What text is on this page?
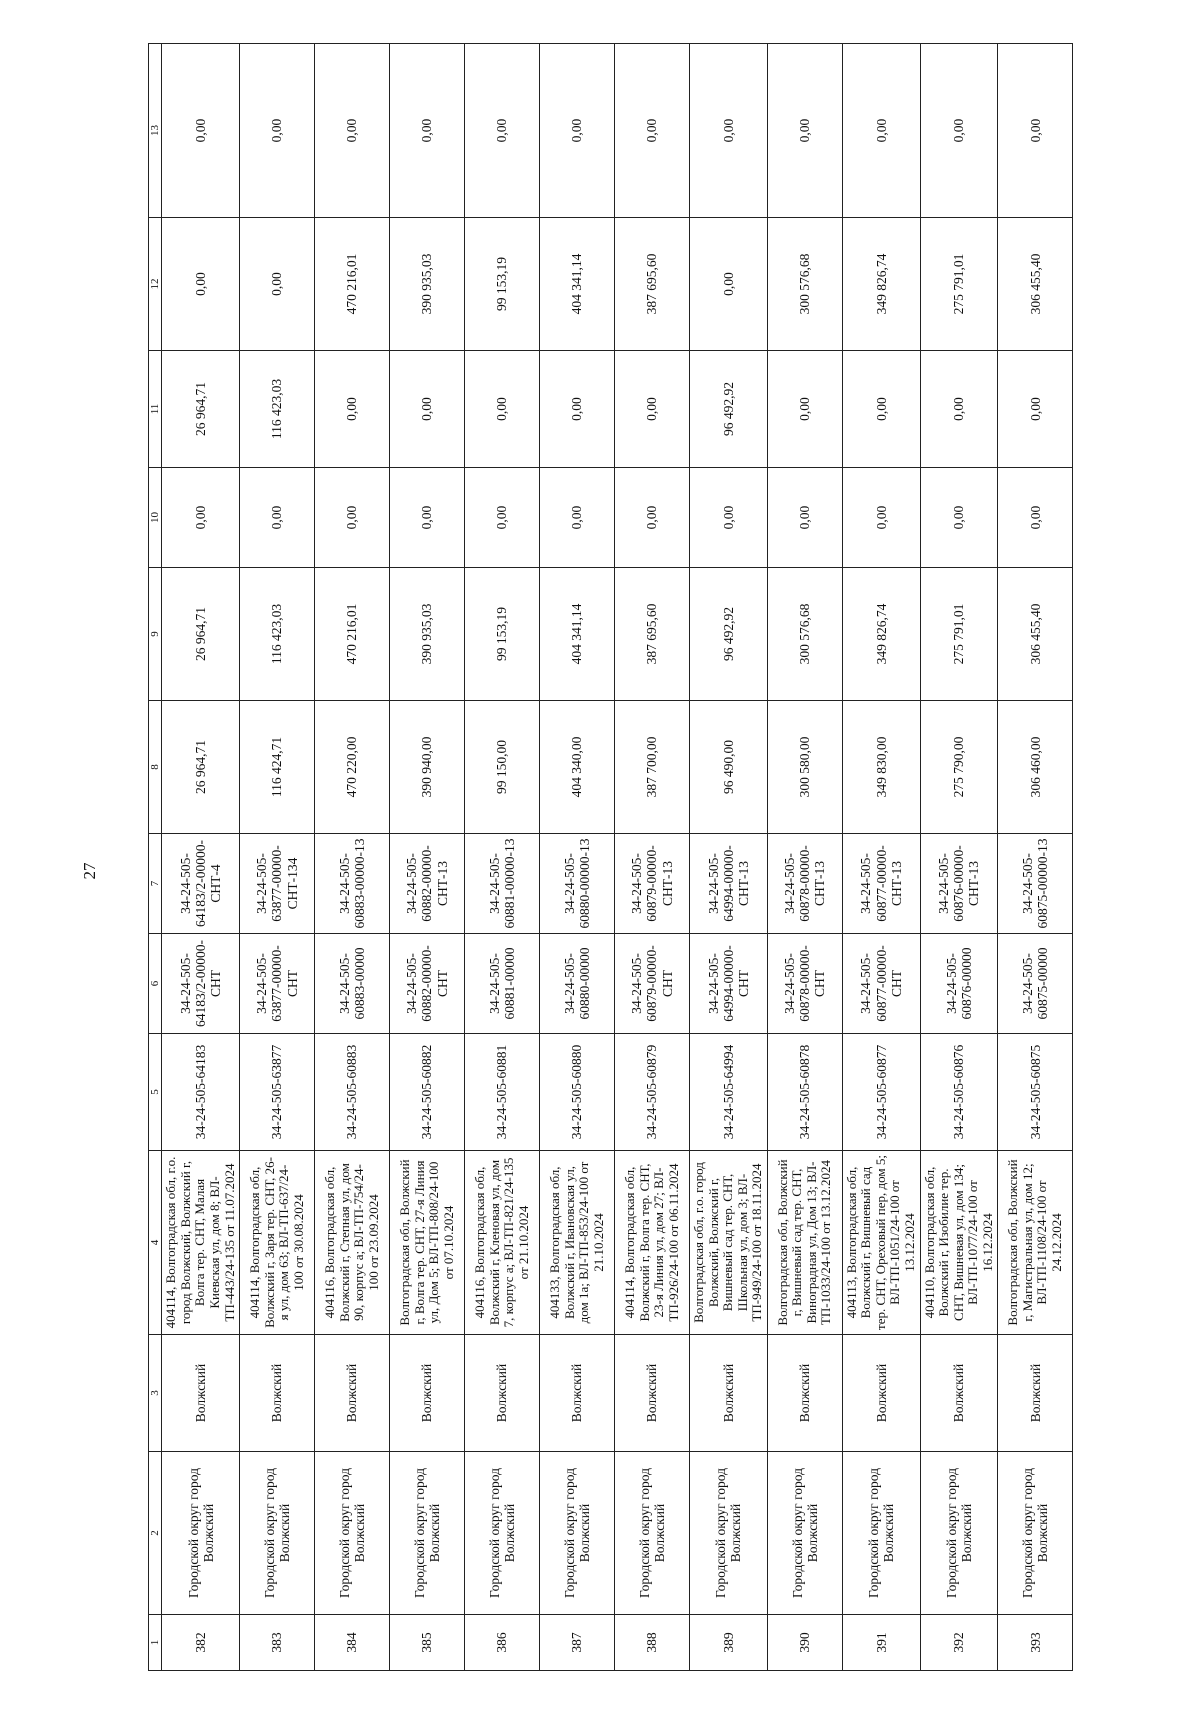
27
1	2	3	4	5	6	7	8	9	10	11	12	13
382	Городской округ город Волжский	Волжский	404114, Волгоградская обл, г.о. город Волжский, Волжский г, Волга тер. СНТ, Малая Киевская ул, дом 8; ВЛ-ТП-443/24-135 от 11.07.2024	34-24-505-64183	34-24-505-64183/2-00000-СНТ	34-24-505-64183/2-00000-СНТ-4	26 964,71	26 964,71	0,00	26 964,71	0,00	0,00
383	Городской округ город Волжский	Волжский	404114, Волгоградская обл, Волжский г, Заря тер. СНТ, 26-я ул, дом 63; ВЛ-ТП-637/24-100 от 30.08.2024	34-24-505-63877	34-24-505-63877-00000-СНТ	34-24-505-63877-00000-СНТ-134	116 424,71	116 423,03	0,00	116 423,03	0,00	0,00
384	Городской округ город Волжский	Волжский	404116, Волгоградская обл, Волжский г, Степная ул, дом 90, корпус а; ВЛ-ТП-754/24-100 от 23.09.2024	34-24-505-60883	34-24-505-60883-00000	34-24-505-60883-00000-13	470 220,00	470 216,01	0,00	0,00	470 216,01	0,00
385	Городской округ город Волжский	Волжский	Волгоградская обл, Волжский г, Волга тер. СНТ, 27-я Линия ул, Дом 5; ВЛ-ТП-808/24-100 от 07.10.2024	34-24-505-60882	34-24-505-60882-00000-СНТ	34-24-505-60882-00000-СНТ-13	390 940,00	390 935,03	0,00	0,00	390 935,03	0,00
386	Городской округ город Волжский	Волжский	404116, Волгоградская обл, Волжский г, Кленовая ул, дом 7, корпус а; ВЛ-ТП-821/24-135 от 21.10.2024	34-24-505-60881	34-24-505-60881-00000	34-24-505-60881-00000-13	99 150,00	99 153,19	0,00	0,00	99 153,19	0,00
387	Городской округ город Волжский	Волжский	404133, Волгоградская обл, Волжский г, Ивановская ул, дом 1а; ВЛ-ТП-853/24-100 от 21.10.2024	34-24-505-60880	34-24-505-60880-00000	34-24-505-60880-00000-13	404 340,00	404 341,14	0,00	0,00	404 341,14	0,00
388	Городской округ город Волжский	Волжский	404114, Волгоградская обл, Волжский г, Волга тер. СНТ, 23-я Линия ул, дом 27; ВЛ-ТП-926/24-100 от 06.11.2024	34-24-505-60879	34-24-505-60879-00000-СНТ	34-24-505-60879-00000-СНТ-13	387 700,00	387 695,60	0,00	0,00	387 695,60	0,00
389	Городской округ город Волжский	Волжский	Волгоградская обл, г.о. город Волжский, Волжский г, Вишневый сад тер. СНТ, Школьная ул, дом 3; ВЛ-ТП-949/24-100 от 18.11.2024	34-24-505-64994	34-24-505-64994-00000-СНТ	34-24-505-64994-00000-СНТ-13	96 490,00	96 492,92	0,00	96 492,92	0,00	0,00
390	Городской округ город Волжский	Волжский	Волгоградская обл, Волжский г, Вишневый сад тер. СНТ, Виноградная ул, Дом 13; ВЛ-ТП-1033/24-100 от 13.12.2024	34-24-505-60878	34-24-505-60878-00000-СНТ	34-24-505-60878-00000-СНТ-13	300 580,00	300 576,68	0,00	0,00	300 576,68	0,00
391	Городской округ город Волжский	Волжский	404113, Волгоградская обл, Волжский г, Вишневый сад тер. СНТ, Ореховый пер, дом 5; ВЛ-ТП-1051/24-100 от 13.12.2024	34-24-505-60877	34-24-505-60877-00000-СНТ	34-24-505-60877-00000-СНТ-13	349 830,00	349 826,74	0,00	0,00	349 826,74	0,00
392	Городской округ город Волжский	Волжский	404110, Волгоградская обл, Волжский г, Изобилие тер. СНТ, Вишневая ул, дом 134; ВЛ-ТП-1077/24-100 от 16.12.2024	34-24-505-60876	34-24-505-60876-00000	34-24-505-60876-00000-СНТ-13	275 790,00	275 791,01	0,00	0,00	275 791,01	0,00
393	Городской округ город Волжский	Волжский	Волгоградская обл, Волжский г, Магистральная ул, дом 12; ВЛ-ТП-1108/24-100 от 24.12.2024	34-24-505-60875	34-24-505-60875-00000	34-24-505-60875-00000-13	306 460,00	306 455,40	0,00	0,00	306 455,40	0,00
